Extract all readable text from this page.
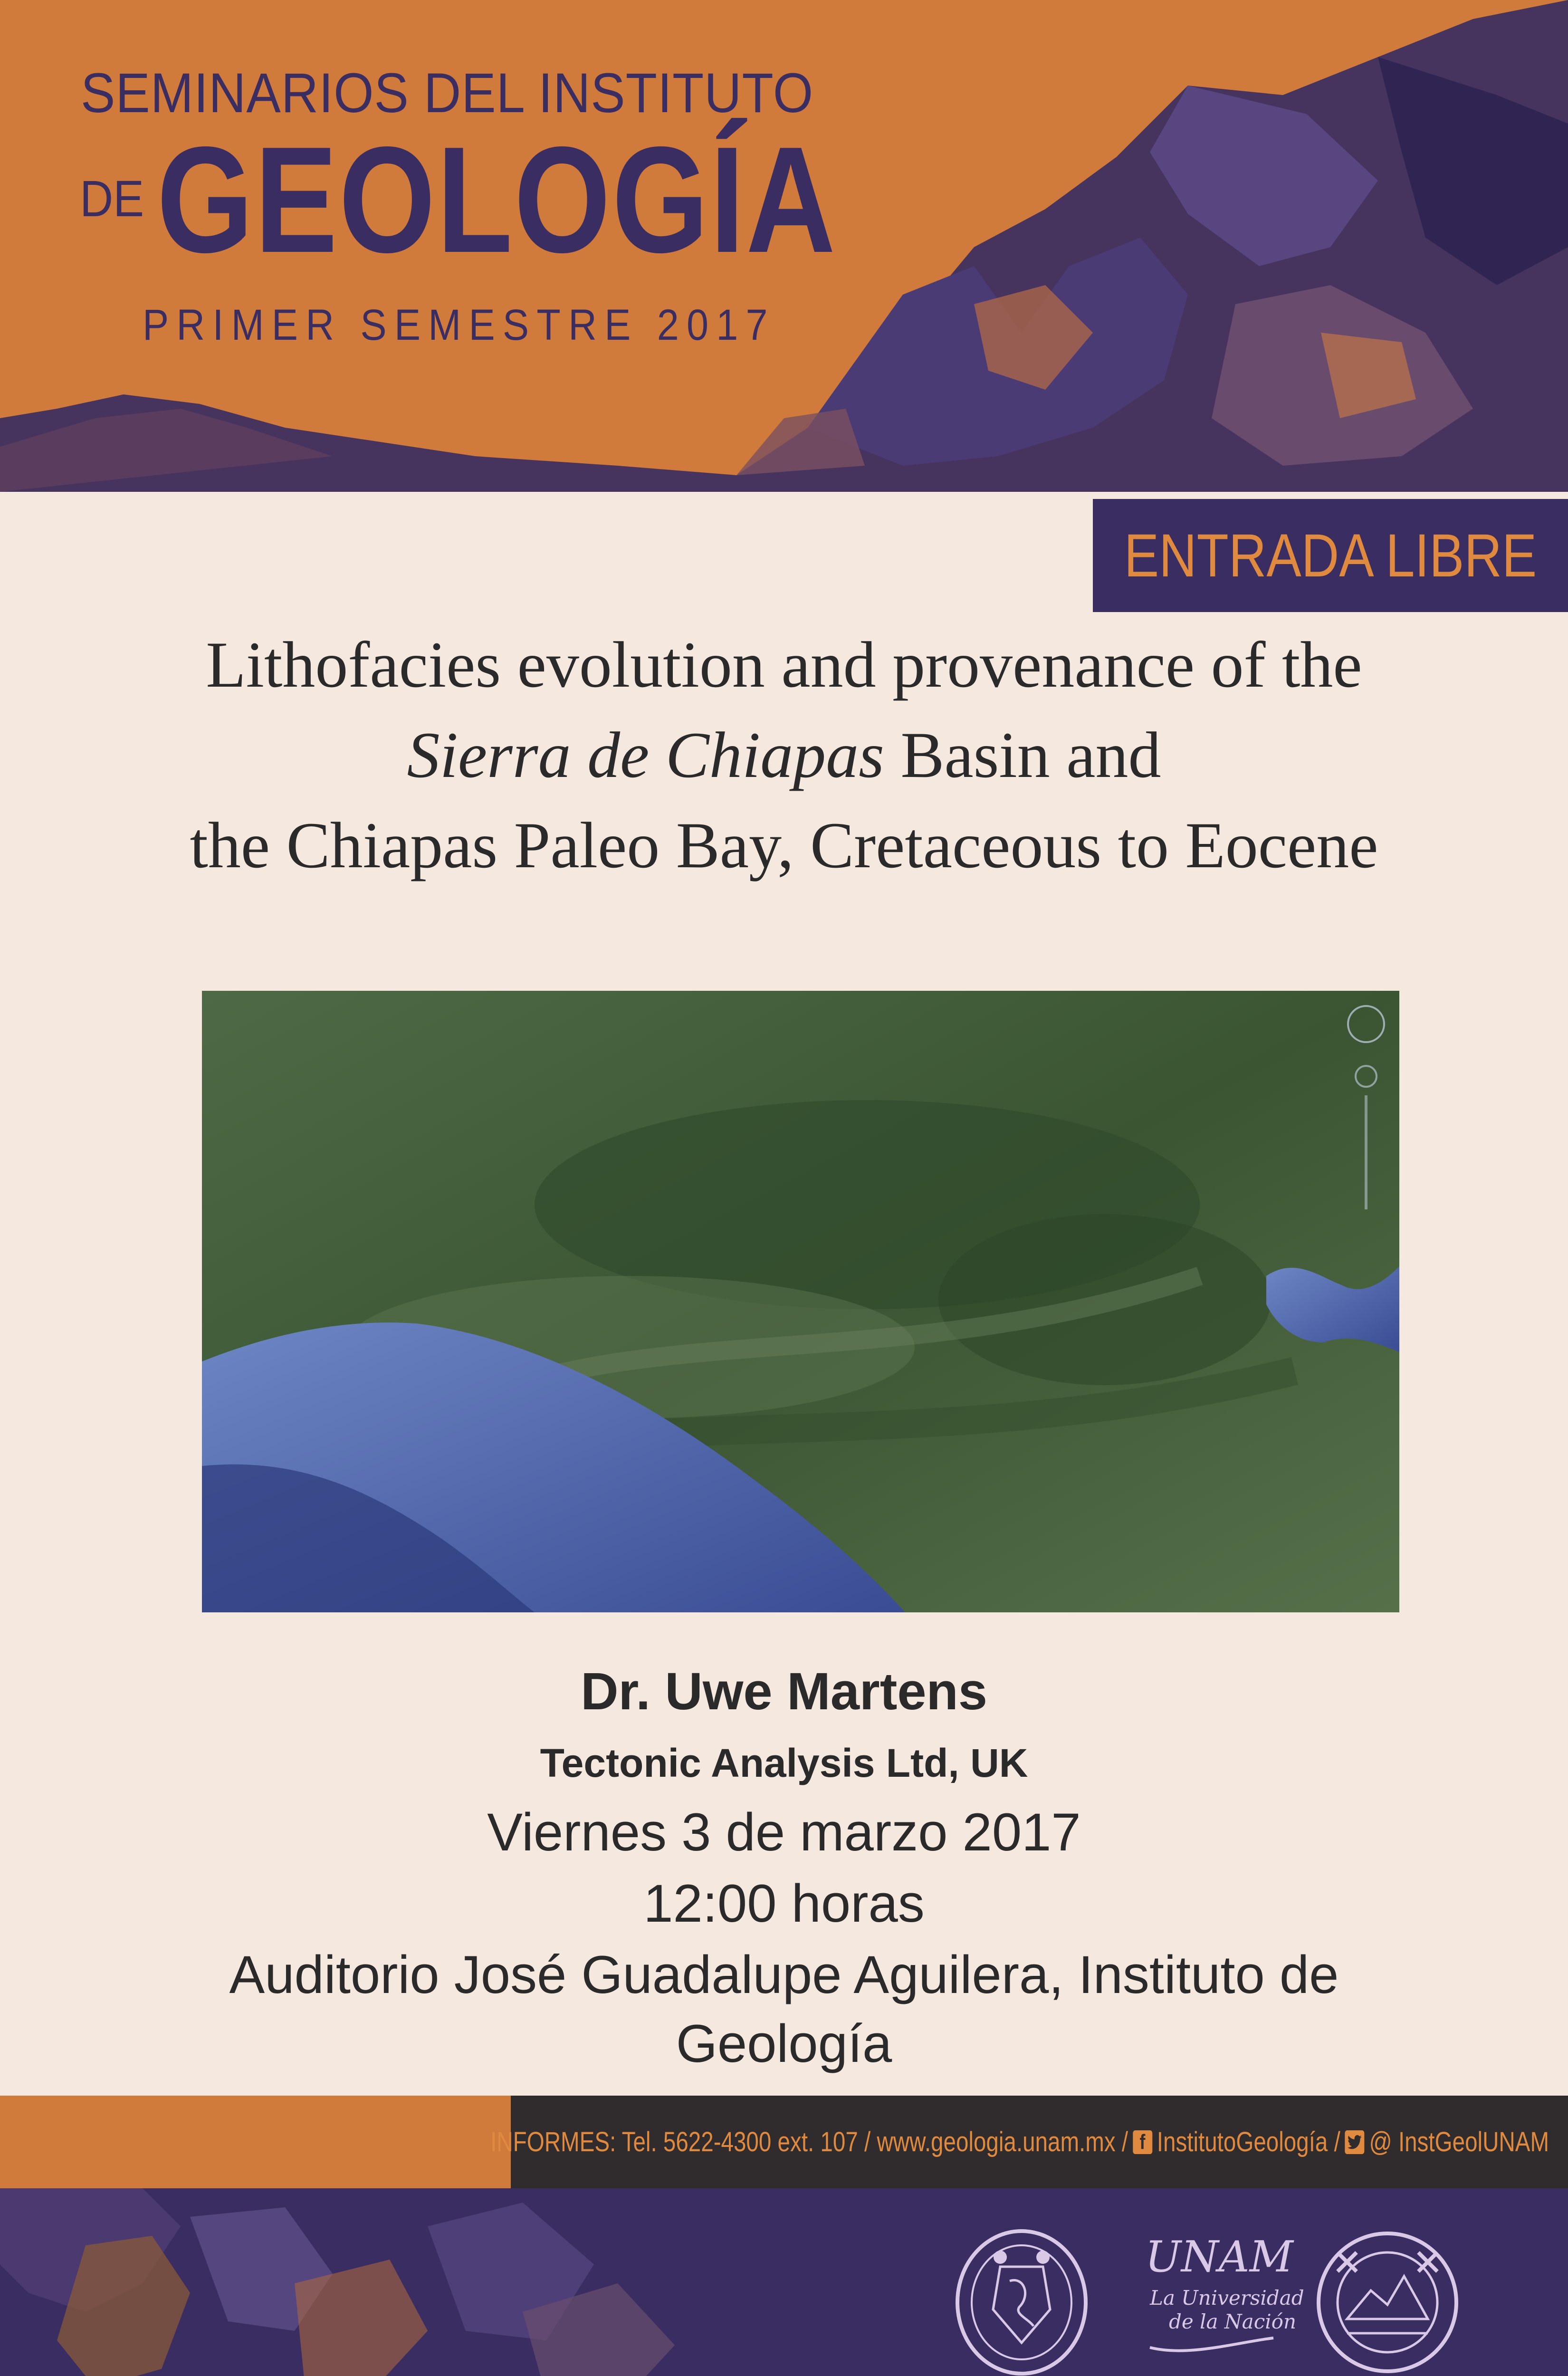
SEMINARIOS DEL INSTITUTO
DE GEOLOGÍA
PRIMER SEMESTRE 2017
ENTRADA LIBRE
Lithofacies evolution and provenance of the
Sierra de Chiapas Basin and
the Chiapas Paleo Bay, Cretaceous to Eocene
Dr. Uwe Martens
Tectonic Analysis Ltd, UK
Viernes 3 de marzo 2017
12:00 horas
Auditorio José Guadalupe Aguilera, Instituto de
Geología
INFORMES: Tel. 5622-4300 ext. 107 / www.geologia.unam.mx / f InstitutoGeología / @ InstGeolUNAM
UNAM
La Universidad
de la Nación
